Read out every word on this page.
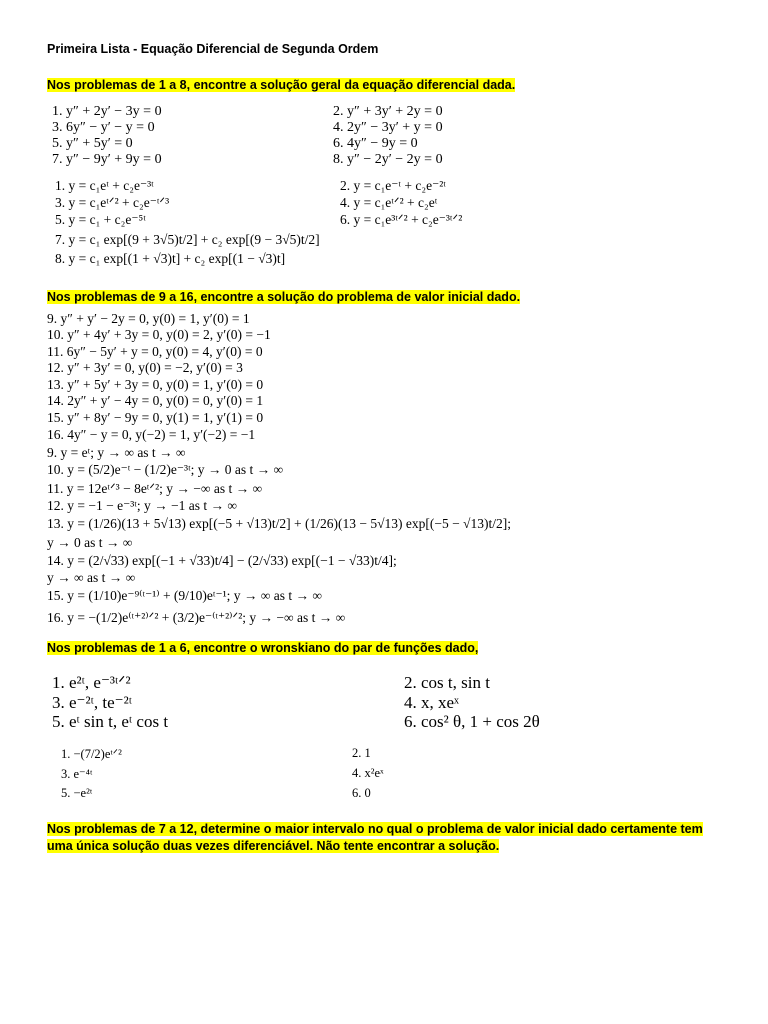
Primeira Lista - Equação Diferencial de Segunda Ordem
Nos problemas de 1 a 8, encontre a solução geral da equação diferencial dada.
1. y″ + 2y′ − 3y = 0	2. y″ + 3y′ + 2y = 0
3. 6y″ − y′ − y = 0	4. 2y″ − 3y′ + y = 0
5. y″ + 5y′ = 0	6. 4y″ − 9y = 0
7. y″ − 9y′ + 9y = 0	8. y″ − 2y′ − 2y = 0
1. y = c₁eᵗ + c₂e⁻³ᵗ	2. y = c₁e⁻ᵗ + c₂e⁻²ᵗ
3. y = c₁eᵗᐟ² + c₂e⁻ᵗᐟ³	4. y = c₁eᵗᐟ² + c₂eᵗ
5. y = c₁ + c₂e⁻⁵ᵗ	6. y = c₁e³ᵗᐟ² + c₂e⁻³ᵗᐟ²
7. y = c₁ exp[(9 + 3√5)t/2] + c₂ exp[(9 − 3√5)t/2]
8. y = c₁ exp[(1 + √3)t] + c₂ exp[(1 − √3)t]
Nos problemas de 9 a 16, encontre a solução do problema de valor inicial dado.
9. y″ + y′ − 2y = 0, y(0) = 1, y′(0) = 1
10. y″ + 4y′ + 3y = 0, y(0) = 2, y′(0) = −1
11. 6y″ − 5y′ + y = 0, y(0) = 4, y′(0) = 0
12. y″ + 3y′ = 0, y(0) = −2, y′(0) = 3
13. y″ + 5y′ + 3y = 0, y(0) = 1, y′(0) = 0
14. 2y″ + y′ − 4y = 0, y(0) = 0, y′(0) = 1
15. y″ + 8y′ − 9y = 0, y(1) = 1, y′(1) = 0
16. 4y″ − y = 0, y(−2) = 1, y′(−2) = −1
9. y = eᵗ; y → ∞ as t → ∞
10. y = (5/2)e⁻ᵗ − (1/2)e⁻³ᵗ; y → 0 as t → ∞
11. y = 12eᵗᐟ³ − 8eᵗᐟ²; y → −∞ as t → ∞
12. y = −1 − e⁻³ᵗ; y → −1 as t → ∞
13. y = (1/26)(13 + 5√13) exp[(−5 + √13)t/2] + (1/26)(13 − 5√13) exp[(−5 − √13)t/2];
y → 0 as t → ∞
14. y = (2/√33) exp[(−1 + √33)t/4] − (2/√33) exp[(−1 − √33)t/4];
y → ∞ as t → ∞
15. y = (1/10)e⁻⁹⁽ᵗ⁻¹⁾ + (9/10)eᵗ⁻¹; y → ∞ as t → ∞
16. y = −(1/2)e⁽ᵗ⁺²⁾ᐟ² + (3/2)e⁻⁽ᵗ⁺²⁾ᐟ²; y → −∞ as t → ∞
Nos problemas de 1 a 6, encontre o wronskiano do par de funções dado,
1. e²ᵗ, e⁻³ᵗᐟ²	2. cos t, sin t
3. e⁻²ᵗ, te⁻²ᵗ	4. x, xeˣ
5. eᵗ sin t, eᵗ cos t	6. cos² θ, 1 + cos 2θ
1. −(7/2)eᵗᐟ²	2. 1
3. e⁻⁴ᵗ	4. x²eˣ
5. −e²ᵗ	6. 0
Nos problemas de 7 a 12, determine o maior intervalo no qual o problema de valor inicial dado certamente tem
uma única solução duas vezes diferenciável. Não tente encontrar a solução.
